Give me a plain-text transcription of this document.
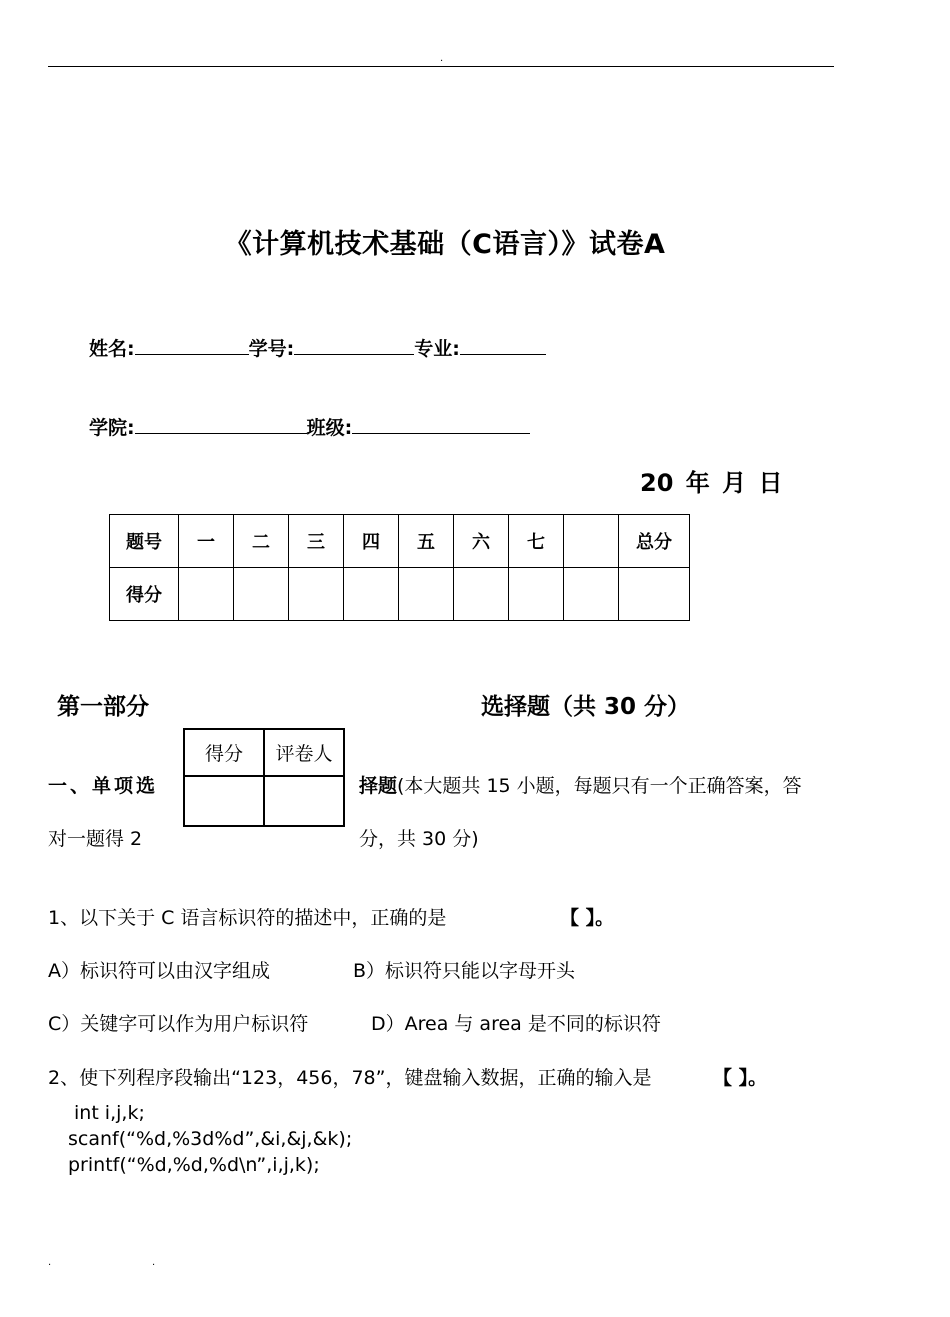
.
《计算机技术基础（C语言）》试卷A
姓名:	学号:	专业:
学院:	班级:
20 年 月 日
题号	一	二	三	四	五	六	七		总分
得分									
第一部分	选择题（共 30 分）
得分	评卷人

一、单项选	择题(本大题共 15 小题，每题只有一个正确答案，答
对一题得 2	分，共 30 分)
1、以下关于 C 语言标识符的描述中，正确的是	【 】。
A）标识符可以由汉字组成	B）标识符只能以字母开头
C）关键字可以作为用户标识符	D）Area 与 area 是不同的标识符
2、使下列程序段输出“123，456，78”，键盘输入数据，正确的输入是	【 】。
int i,j,k;
scanf(“%d,%3d%d”,&i,&j,&k);
printf(“%d,%d,%d\n”,i,j,k);
.	.
